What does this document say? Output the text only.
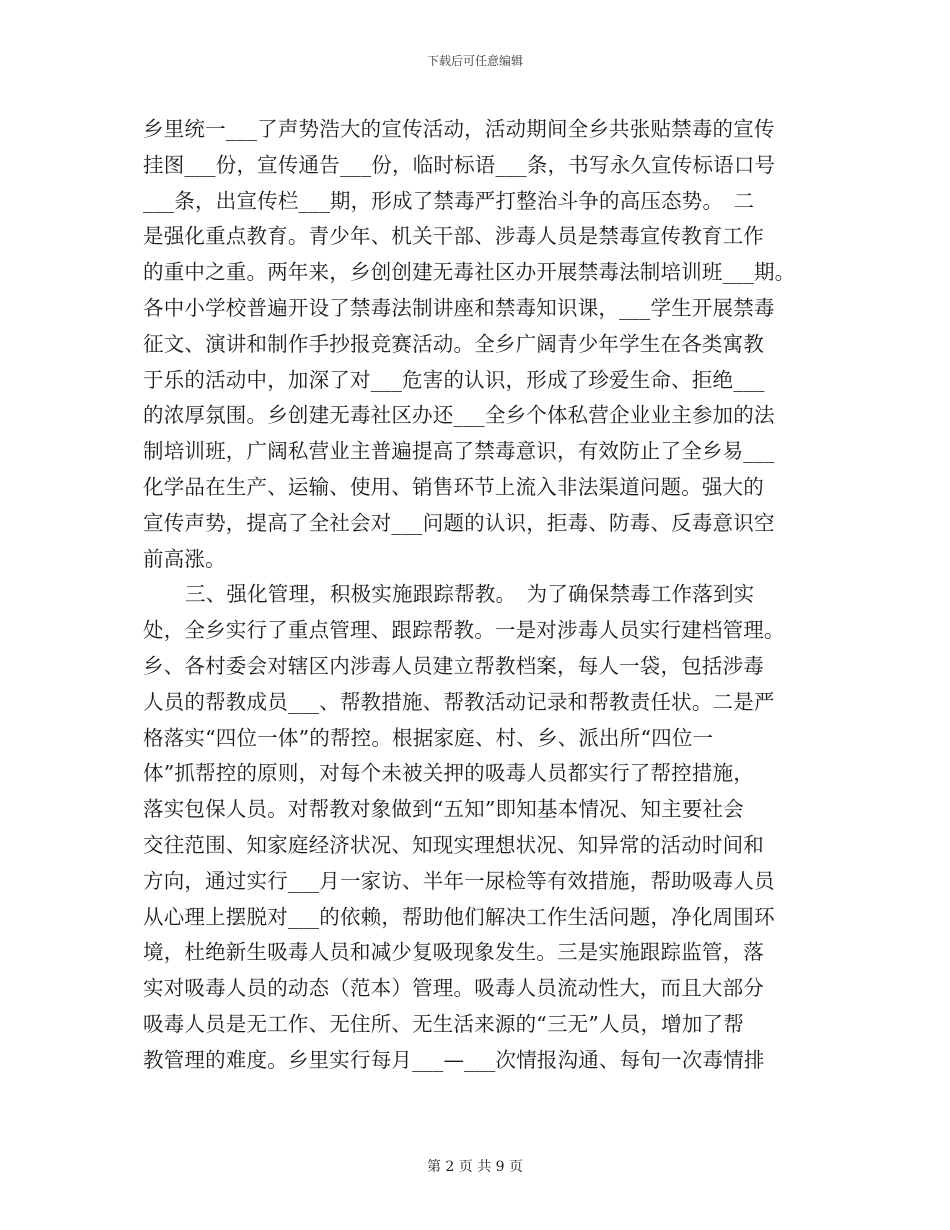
下载后可任意编辑
乡里统一___了声势浩大的宣传活动，活动期间全乡共张贴禁毒的宣传
挂图___份，宣传通告___份，临时标语___条，书写永久宣传标语口号
___条，出宣传栏___期，形成了禁毒严打整治斗争的高压态势。　二
是强化重点教育。青少年、机关干部、涉毒人员是禁毒宣传教育工作
的重中之重。两年来，乡创创建无毒社区办开展禁毒法制培训班___期。
各中小学校普遍开设了禁毒法制讲座和禁毒知识课，___学生开展禁毒
征文、演讲和制作手抄报竞赛活动。全乡广阔青少年学生在各类寓教
于乐的活动中，加深了对___危害的认识，形成了珍爱生命、拒绝___
的浓厚氛围。乡创建无毒社区办还___全乡个体私营企业业主参加的法
制培训班，广阔私营业主普遍提高了禁毒意识，有效防止了全乡易___
化学品在生产、运输、使用、销售环节上流入非法渠道问题。强大的
宣传声势，提高了全社会对___问题的认识，拒毒、防毒、反毒意识空
前高涨。
三、强化管理，积极实施跟踪帮教。　为了确保禁毒工作落到实
处，全乡实行了重点管理、跟踪帮教。一是对涉毒人员实行建档管理。
乡、各村委会对辖区内涉毒人员建立帮教档案，每人一袋，包括涉毒
人员的帮教成员___、帮教措施、帮教活动记录和帮教责任状。二是严
格落实“四位一体”的帮控。根据家庭、村、乡、派出所“四位一
体”抓帮控的原则，对每个未被关押的吸毒人员都实行了帮控措施，
落实包保人员。对帮教对象做到“五知”即知基本情况、知主要社会
交往范围、知家庭经济状况、知现实理想状况、知异常的活动时间和
方向，通过实行___月一家访、半年一尿检等有效措施，帮助吸毒人员
从心理上摆脱对___的依赖，帮助他们解决工作生活问题，净化周围环
境，杜绝新生吸毒人员和减少复吸现象发生。三是实施跟踪监管，落
实对吸毒人员的动态（范本）管理。吸毒人员流动性大，而且大部分
吸毒人员是无工作、无住所、无生活来源的“三无”人员，增加了帮
教管理的难度。乡里实行每月___—___次情报沟通、每旬一次毒情排
第 2 页 共 9 页
